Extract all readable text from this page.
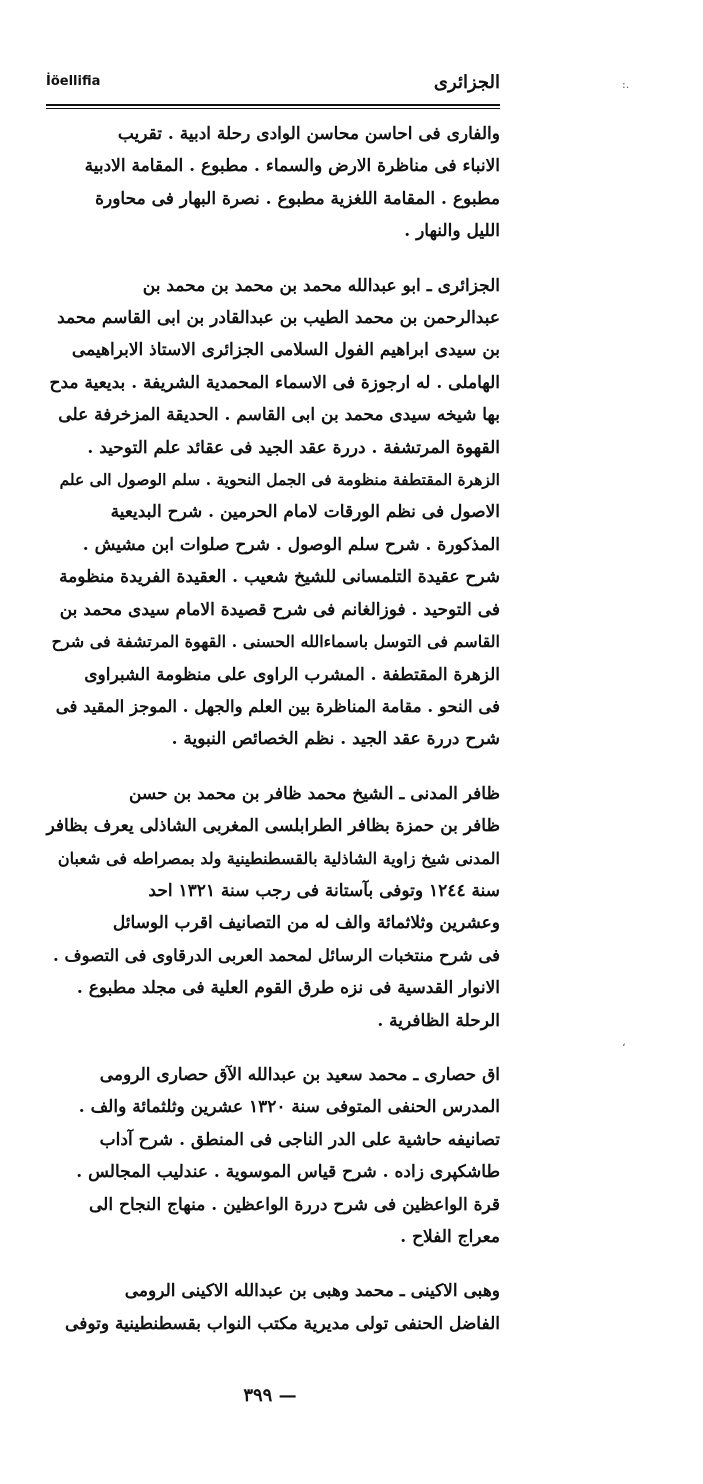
İöellifia	الجزائرى	:.
،
والفارى فى احاسن محاسن الوادى رحلة ادبية . تقريب
الانباء فى مناظرة الارض والسماء . مطبوع . المقامة الادبية
مطبوع . المقامة اللغزية مطبوع . نصرة البهار فى محاورة
الليل والنهار .
الجزائرى ـ ابو عبدالله محمد بن محمد بن محمد بن
عبدالرحمن بن محمد الطيب بن عبدالقادر بن ابى القاسم محمد
بن سيدى ابراهيم الفول السلامى الجزائرى الاستاذ الابراهيمى
الهاملى . له ارجوزة فى الاسماء المحمدية الشريفة . بديعية مدح
بها شيخه سيدى محمد بن ابى القاسم . الحديقة المزخرفة على
القهوة المرتشفة . دررة عقد الجيد فى عقائد علم التوحيد .
الزهرة المقتطفة منظومة فى الجمل النحوية . سلم الوصول الى علم
الاصول فى نظم الورقات لامام الحرمين . شرح البديعية
المذكورة . شرح سلم الوصول . شرح صلوات ابن مشيش .
شرح عقيدة التلمسانى للشيخ شعيب . العقيدة الفريدة منظومة
فى التوحيد . فوزالغانم فى شرح قصيدة الامام سيدى محمد بن
القاسم فى التوسل باسماءالله الحسنى . القهوة المرتشفة فى شرح
الزهرة المقتطفة . المشرب الراوى على منظومة الشبراوى
فى النحو . مقامة المناظرة بين العلم والجهل . الموجز المقيد فى
شرح دررة عقد الجيد . نظم الخصائص النبوية .
ظافر المدنى ـ الشيخ محمد ظافر بن محمد بن حسن
ظافر بن حمزة بظافر الطرابلسى المغربى الشاذلى يعرف بظافر
المدنى شيخ زاوية الشاذلية بالقسطنطينية ولد بمصراطه فى شعبان
سنة ١٢٤٤ وتوفى بآستانة فى رجب سنة ١٣٢١ احد
وعشرين وثلاثمائة والف له من التصانيف اقرب الوسائل
فى شرح منتخبات الرسائل لمحمد العربى الدرقاوى فى التصوف .
الانوار القدسية فى نزه طرق القوم العلية فى مجلد مطبوع .
الرحلة الظافرية .
اق حصارى ـ محمد سعيد بن عبدالله الآق حصارى الرومى
المدرس الحنفى المتوفى سنة ١٣٢٠ عشرين وثلثمائة والف .
تصانيفه حاشية على الدر الناجى فى المنطق . شرح آداب
طاشكپرى زاده . شرح قياس الموسوية . عندليب المجالس .
قرة الواعظين فى شرح دررة الواعظين . منهاج النجاح الى
معراج الفلاح .
وهبى الاكينى ـ محمد وهبى بن عبدالله الاكينى الرومى
الفاضل الحنفى تولى مديرية مكتب النواب بقسطنطينية وتوفى
— ٣٩٩
